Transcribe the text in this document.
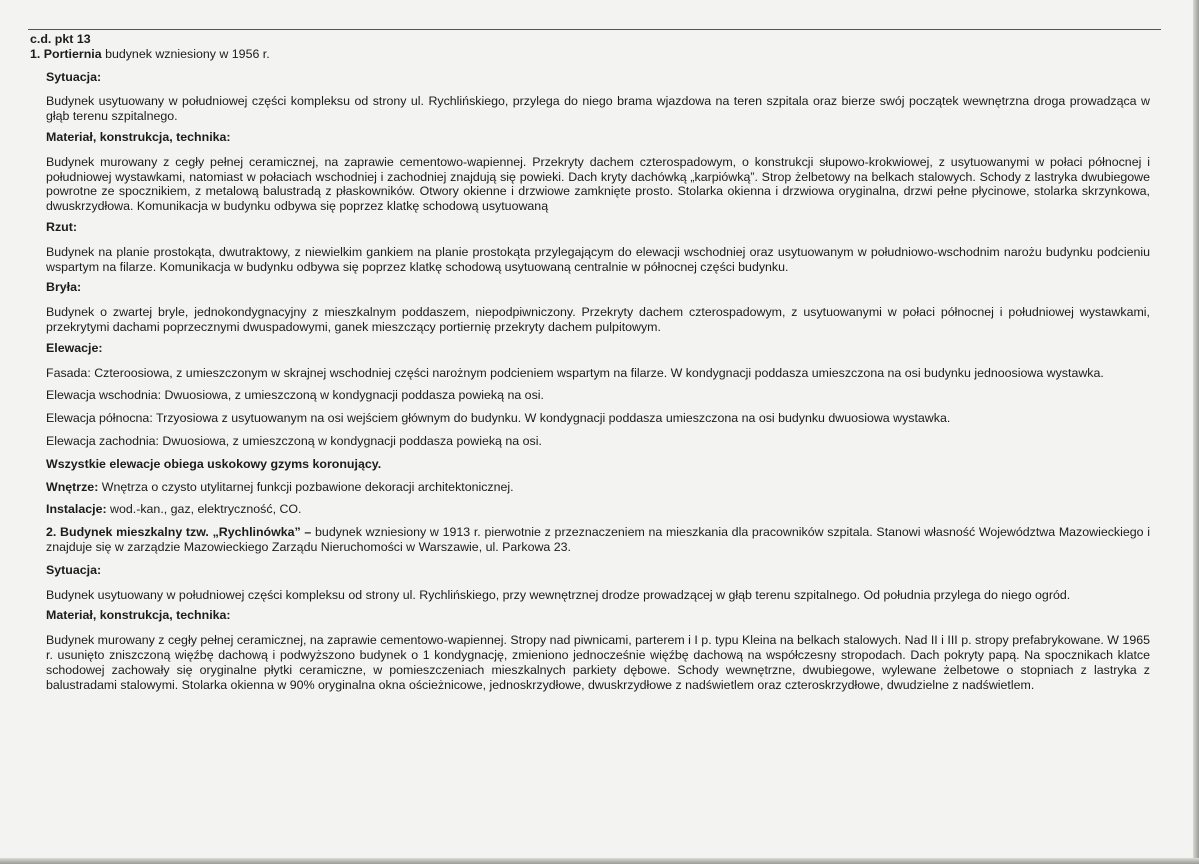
c.d. pkt 13

1. Portiernia budynek wzniesiony w 1956 r.

Sytuacja:

Budynek usytuowany w południowej części kompleksu od strony ul. Rychlińskiego, przylega do niego brama wjazdowa na teren szpitala oraz bierze swój początek wewnętrzna droga prowadząca w głąb terenu szpitalnego.

Materiał, konstrukcja, technika:

Budynek murowany z cegły pełnej ceramicznej, na zaprawie cementowo-wapiennej. Przekryty dachem czterospadowym, o konstrukcji słupowo-krokwiowej, z usytuowanymi w połaci północnej i południowej wystawkami, natomiast w połaciach wschodniej i zachodniej znajdują się powieki. Dach kryty dachówką „karpiówką”. Strop żelbetowy na belkach stalowych. Schody z lastryka dwubiegowe powrotne ze spocznikiem, z metalową balustradą z płaskowników. Otwory okienne i drzwiowe zamknięte prosto. Stolarka okienna i drzwiowa oryginalna, drzwi pełne płycinowe, stolarka skrzynkowa, dwuskrzydłowa. Komunikacja w budynku odbywa się poprzez klatkę schodową usytuowaną

Rzut:

Budynek na planie prostokąta, dwutraktowy, z niewielkim gankiem na planie prostokąta przylegającym do elewacji wschodniej oraz usytuowanym w południowo-wschodnim narożu budynku podcieniu wspartym na filarze. Komunikacja w budynku odbywa się poprzez klatkę schodową usytuowaną centralnie w północnej części budynku.

Bryła:

Budynek o zwartej bryle, jednokondygnacyjny z mieszkalnym poddaszem, niepodpiwniczony. Przekryty dachem czterospadowym, z usytuowanymi w połaci północnej i południowej wystawkami, przekrytymi dachami poprzecznymi dwuspadowymi, ganek mieszczący portiernię przekryty dachem pulpitowym.

Elewacje:

Fasada: Czteroosiowa, z umieszczonym w skrajnej wschodniej części narożnym podcieniem wspartym na filarze. W kondygnacji poddasza umieszczona na osi budynku jednoosiowa wystawka.

Elewacja wschodnia: Dwuosiowa, z umieszczoną w kondygnacji poddasza powieką na osi.

Elewacja północna: Trzyosiowa z usytuowanym na osi wejściem głównym do budynku. W kondygnacji poddasza umieszczona na osi budynku dwuosiowa wystawka.

Elewacja zachodnia: Dwuosiowa, z umieszczoną w kondygnacji poddasza powieką na osi.

Wszystkie elewacje obiega uskokowy gzyms koronujący.

Wnętrze: Wnętrza o czysto utylitarnej funkcji pozbawione dekoracji architektonicznej.

Instalacje: wod.-kan., gaz, elektryczność, CO.

2. Budynek mieszkalny tzw. „Rychlinówka” – budynek wzniesiony w 1913 r. pierwotnie z przeznaczeniem na mieszkania dla pracowników szpitala. Stanowi własność Województwa Mazowieckiego i znajduje się w zarządzie Mazowieckiego Zarządu Nieruchomości w Warszawie, ul. Parkowa 23.

Sytuacja:

Budynek usytuowany w południowej części kompleksu od strony ul. Rychlińskiego, przy wewnętrznej drodze prowadzącej w głąb terenu szpitalnego. Od południa przylega do niego ogród.

Materiał, konstrukcja, technika:

Budynek murowany z cegły pełnej ceramicznej, na zaprawie cementowo-wapiennej. Stropy nad piwnicami, parterem i I p. typu Kleina na belkach stalowych. Nad II i III p. stropy prefabrykowane. W 1965 r. usunięto zniszczoną więźbę dachową i podwyższono budynek o 1 kondygnację, zmieniono jednocześnie więźbę dachową na współczesny stropodach. Dach pokryty papą. Na spocznikach klatce schodowej zachowały się oryginalne płytki ceramiczne, w pomieszczeniach mieszkalnych parkiety dębowe. Schody wewnętrzne, dwubiegowe, wylewane żelbetowe o stopniach z lastryka z balustradami stalowymi. Stolarka okienna w 90% oryginalna okna ościeżnicowe, jednoskrzydłowe, dwuskrzydłowe z nadświetlem oraz czteroskrzydłowe, dwudzielne z nadświetlem.
